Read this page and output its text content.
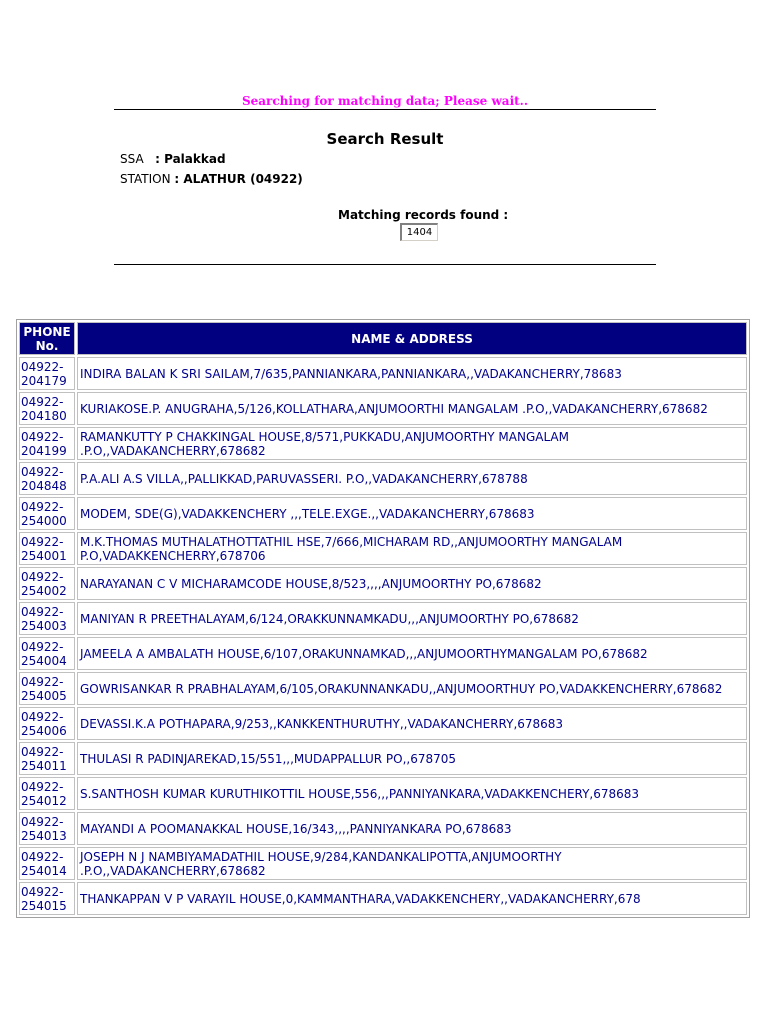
Searching for matching data; Please wait..
Search Result
SSA : Palakkad
STATION : ALATHUR (04922)
Matching records found :
1404
PHONE No.	NAME & ADDRESS
04922-204179	INDIRA BALAN K SRI SAILAM,7/635,PANNIANKARA,PANNIANKARA,,VADAKANCHERRY,78683
04922-204180	KURIAKOSE.P. ANUGRAHA,5/126,KOLLATHARA,ANJUMOORTHI MANGALAM .P.O,,VADAKANCHERRY,678682
04922-204199	RAMANKUTTY P CHAKKINGAL HOUSE,8/571,PUKKADU,ANJUMOORTHY MANGALAM .P.O,,VADAKANCHERRY,678682
04922-204848	P.A.ALI A.S VILLA,,PALLIKKAD,PARUVASSERI. P.O,,VADAKANCHERRY,678788
04922-254000	MODEM, SDE(G),VADAKKENCHERY ,,,TELE.EXGE.,,VADAKANCHERRY,678683
04922-254001	M.K.THOMAS MUTHALATHOTTATHIL HSE,7/666,MICHARAM RD,,ANJUMOORTHY MANGALAM P.O,VADAKKENCHERRY,678706
04922-254002	NARAYANAN C V MICHARAMCODE HOUSE,8/523,,,,ANJUMOORTHY PO,678682
04922-254003	MANIYAN R PREETHALAYAM,6/124,ORAKKUNNAMKADU,,,ANJUMOORTHY PO,678682
04922-254004	JAMEELA A AMBALATH HOUSE,6/107,ORAKUNNAMKAD,,,ANJUMOORTHYMANGALAM PO,678682
04922-254005	GOWRISANKAR R PRABHALAYAM,6/105,ORAKUNNANKADU,,ANJUMOORTHUY PO,VADAKKENCHERRY,678682
04922-254006	DEVASSI.K.A POTHAPARA,9/253,,KANKKENTHURUTHY,,VADAKANCHERRY,678683
04922-254011	THULASI R PADINJAREKAD,15/551,,,MUDAPPALLUR PO,,678705
04922-254012	S.SANTHOSH KUMAR KURUTHIKOTTIL HOUSE,556,,,PANNIYANKARA,VADAKKENCHERY,678683
04922-254013	MAYANDI A POOMANAKKAL HOUSE,16/343,,,,PANNIYANKARA PO,678683
04922-254014	JOSEPH N J NAMBIYAMADATHIL HOUSE,9/284,KANDANKALIPOTTA,ANJUMOORTHY .P.O,,VADAKANCHERRY,678682
04922-254015	THANKAPPAN V P VARAYIL HOUSE,0,KAMMANTHARA,VADAKKENCHERY,,VADAKANCHERRY,678
